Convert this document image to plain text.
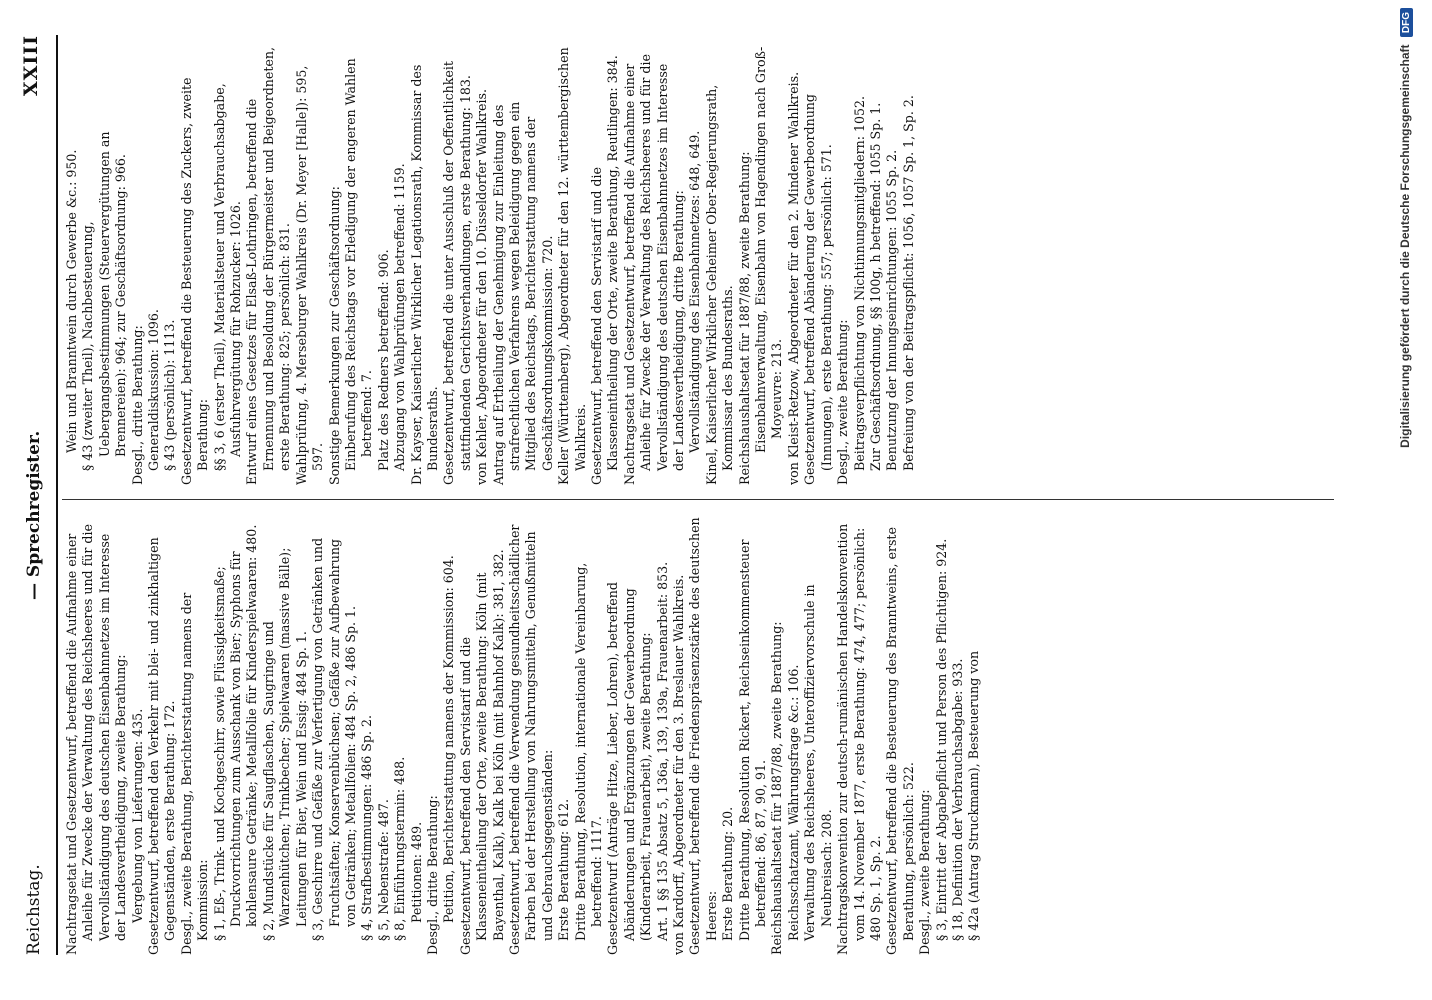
Reichstag.
— Sprechregister.
XXIII

Nachtragsetat und Gesetzentwurf, betreffend die Aufnahme einer Anleihe für Zwecke der Verwaltung des Reichsheeres und für die Vervollständigung des deutschen Eisenbahnnetzes im Interesse der Landesvertheidigung, zweite Berathung: Vergebung von Lieferungen: 435. Gesetzentwurf, betreffend den Verkehr mit blei- und zinkhaltigen Gegenständen, erste Berathung: 172. Desgl., zweite Berathung, Berichterstattung namens der Kommission: § 1, Eß-, Trink- und Kochgeschirr, sowie Flüssigkeitsmaße; Druckvorrichtungen zum Ausschank von Bier; Syphons für kohlensaure Getränke; Metallfolie für Kinderspielwaaren: 480. § 2, Mundstücke für Saugflaschen, Saugringe und Warzenhütchen; Trinkbecher; Spielwaaren (massive Bälle); Leitungen für Bier, Wein und Essig: 484 Sp. 1. § 3, Geschirre und Gefäße zur Verfertigung von Getränken und Fruchtsäften; Konservenbüchsen; Gefäße zur Aufbewahrung von Getränken; Metallfolien: 484 Sp. 2, 486 Sp. 1. § 4, Strafbestimmungen: 486 Sp. 2. § 5, Nebenstrafe: 487. § 8, Einführungstermin: 488. Petitionen: 489. Desgl., dritte Berathung: Petition, Berichterstattung namens der Kommission: 604. Gesetzentwurf, betreffend den Servistarif und die Klasseneintheilung der Orte, zweite Berathung: Köln (mit Bayenthal, Kalk), Kalk bei Köln (mit Bahnhof Kalk): 381, 382. Gesetzentwurf, betreffend die Verwendung gesundheitsschädlicher Farben bei der Herstellung von Nahrungsmitteln, Genußmitteln und Gebrauchsgegenständen: Erste Berathung: 612. Dritte Berathung, Resolution, internationale Vereinbarung, betreffend: 1117. Gesetzentwurf (Anträge Hitze, Lieber, Lohren), betreffend Abänderungen und Ergänzungen der Gewerbeordnung (Kinderarbeit, Frauenarbeit), zweite Berathung: Art. 1 §§ 135 Absatz 5, 136a, 139, 139a, Frauenarbeit: 853. von Kardorff, Abgeordneter für den 3. Breslauer Wahlkreis. Gesetzentwurf, betreffend die Friedenspräsenzstärke des deutschen Heeres: Erste Berathung: 20. Dritte Berathung, Resolution Rickert, Reichseinkommensteuer betreffend: 86, 87, 90, 91. Reichshaushaltsetat für 1887/88, zweite Berathung: Reichsschatzamt, Währungsfrage &c.: 106. Verwaltung des Reichsheeres, Unteroffiziervorschule in Neubreisach: 208. Nachtragskonvention zur deutsch-rumänischen Handelskonvention vom 14. November 1877, erste Berathung: 474, 477; persönlich: 480 Sp. 1, Sp. 2. Gesetzentwurf, betreffend die Besteuerung des Branntweins, erste Berathung, persönlich: 522. Desgl., zweite Berathung: § 3, Eintritt der Abgabepflicht und Person des Pflichtigen: 924. § 18, Definition der Verbrauchsabgabe: 933. § 42a (Antrag Struckmann), Besteuerung von

Wein und Branntwein durch Gewerbe &c.: 950. § 43 (zweiter Theil), Nachbesteuerung, Uebergangsbestimmungen (Steuervergütungen an Brennereien): 964; zur Geschäftsordnung: 966. Desgl., dritte Berathung: Generaldiskussion: 1096. § 43 (persönlich): 1113. Gesetzentwurf, betreffend die Besteuerung des Zuckers, zweite Berathung: §§ 3, 6 (erster Theil), Materialsteuer und Verbrauchsabgabe, Ausfuhrvergütung für Rohzucker: 1026. Entwurf eines Gesetzes für Elsaß-Lothringen, betreffend die Ernennung und Besoldung der Bürgermeister und Beigeordneten, erste Berathung: 825; persönlich: 831. Wahlprüfung, 4. Merseburger Wahlkreis (Dr. Meyer [Halle]): 595, 597. Sonstige Bemerkungen zur Geschäftsordnung: Einberufung des Reichstags vor Erledigung der engeren Wahlen betreffend: 7. Platz des Redners betreffend: 906. Abzugang von Wahlprüfungen betreffend: 1159. Dr. Kayser, Kaiserlicher Wirklicher Legationsrath, Kommissar des Bundesraths. Gesetzentwurf, betreffend die unter Ausschluß der Oeffentlichkeit stattfindenden Gerichtsverhandlungen, erste Berathung: 183. von Kehler, Abgeordneter für den 10. Düsseldorfer Wahlkreis. Antrag auf Ertheilung der Genehmigung zur Einleitung des strafrechtlichen Verfahrens wegen Beleidigung gegen ein Mitglied des Reichstags, Berichterstattung namens der Geschäftsordnungskommission: 720. Keller (Württemberg), Abgeordneter für den 12. württembergischen Wahlkreis. Gesetzentwurf, betreffend den Servistarif und die Klasseneintheilung der Orte, zweite Berathung, Reutlingen: 384. Nachtragsetat und Gesetzentwurf, betreffend die Aufnahme einer Anleihe für Zwecke der Verwaltung des Reichsheeres und für die Vervollständigung des deutschen Eisenbahnnetzes im Interesse der Landesvertheidigung, dritte Berathung: Vervollständigung des Eisenbahnnetzes: 648, 649. Kinel, Kaiserlicher Wirklicher Geheimer Ober-Regierungsrath, Kommissar des Bundesraths. Reichshaushaltsetat für 1887/88, zweite Berathung: Eisenbahnverwaltung, Eisenbahn von Hagendingen nach Groß-Moyeuvre: 213. von Kleist-Retzow, Abgeordneter für den 2. Mindener Wahlkreis. Gesetzentwurf, betreffend Abänderung der Gewerbeordnung (Innungen), erste Berathung: 557; persönlich: 571. Desgl., zweite Berathung: Beitragsverpflichtung von Nichtinnungsmitgliedern: 1052. Zur Geschäftsordnung, §§ 100g, h betreffend: 1055 Sp. 1. Benutzung der Innungseinrichtungen: 1055 Sp. 2. Befreiung von der Beitragspflicht: 1056, 1057 Sp. 1, Sp. 2.	Digitalisierung gefördert durch die Deutsche Forschungsgemeinschaft DFG
